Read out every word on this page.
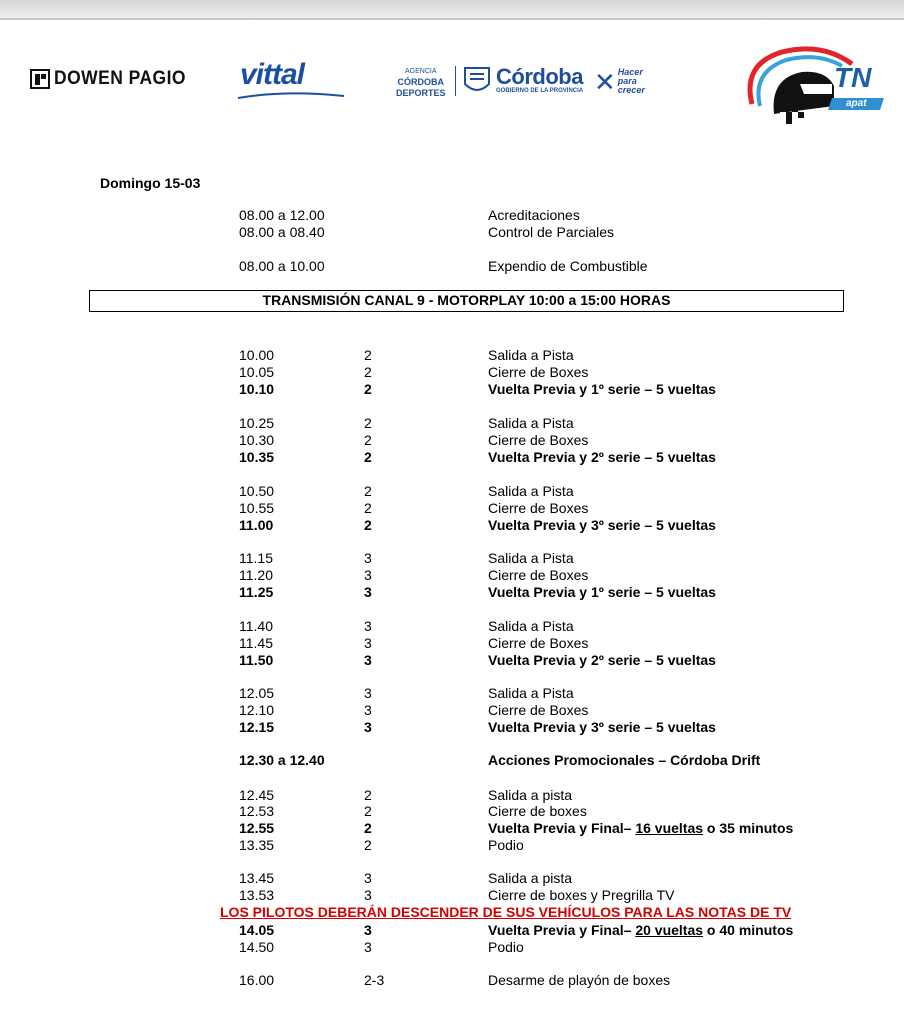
DOWEN PAGIO vittal	AGENCIA
CÓRDOBA
DEPORTES
Córdoba
GOBIERNO DE LA PROVINCIA ✕ Hacer
para
crecer	TN
apat
Domingo 15-03
08.00 a 12.00	Acreditaciones
08.00 a 08.40	Control de Parciales
08.00 a 10.00	Expendio de Combustible
TRANSMISIÓN CANAL 9 - MOTORPLAY 10:00 a 15:00 HORAS
10.00	2	Salida a Pista
10.05	2	Cierre de Boxes
10.10	2	Vuelta Previa y 1º serie – 5 vueltas
10.25	2	Salida a Pista
10.30	2	Cierre de Boxes
10.35	2	Vuelta Previa y 2º serie – 5 vueltas
10.50	2	Salida a Pista
10.55	2	Cierre de Boxes
11.00	2	Vuelta Previa y 3º serie – 5 vueltas
11.15	3	Salida a Pista
11.20	3	Cierre de Boxes
11.25	3	Vuelta Previa y 1º serie – 5 vueltas
11.40	3	Salida a Pista
11.45	3	Cierre de Boxes
11.50	3	Vuelta Previa y 2º serie – 5 vueltas
12.05	3	Salida a Pista
12.10	3	Cierre de Boxes
12.15	3	Vuelta Previa y 3º serie – 5 vueltas
12.30 a 12.40	Acciones Promocionales – Córdoba Drift
12.45	2	Salida a pista
12.53	2	Cierre de boxes
12.55	2	Vuelta Previa y Final– 16 vueltas o 35 minutos
13.35	2	Podio
13.45	3	Salida a pista
13.53	3	Cierre de boxes y Pregrilla TV
LOS PILOTOS DEBERÁN DESCENDER DE SUS VEHÍCULOS PARA LAS NOTAS DE TV
14.05	3	Vuelta Previa y Final– 20 vueltas o 40 minutos
14.50	3	Podio
16.00	2-3	Desarme de playón de boxes
